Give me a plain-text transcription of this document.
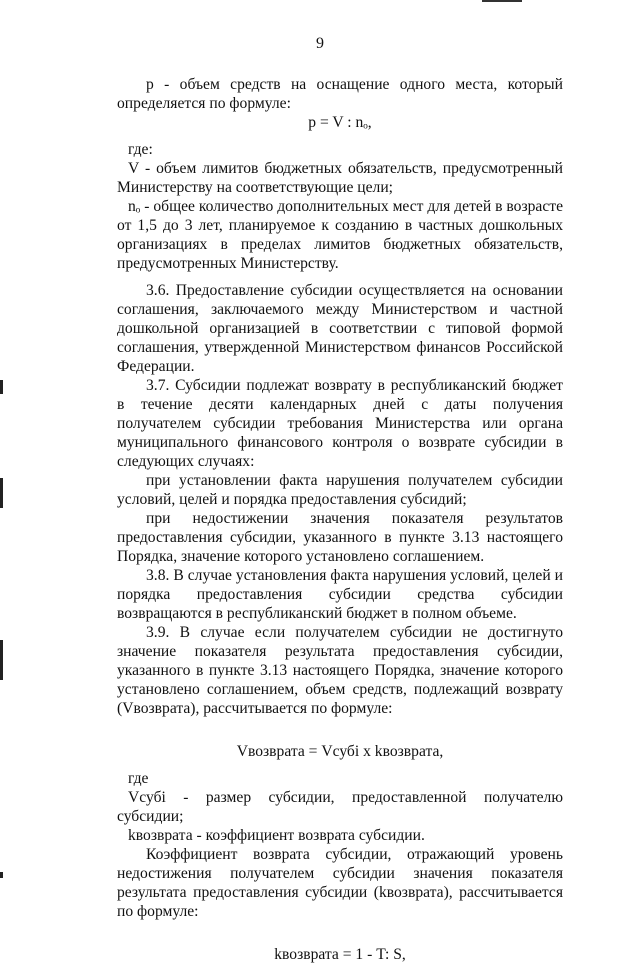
9

р - объем средств на оснащение одного места, который определяется по формуле:

p = V : nₒ,

где:

V - объем лимитов бюджетных обязательств, предусмотренный Министерству на соответствующие цели;

nₒ - общее количество дополнительных мест для детей в возрасте от 1,5 до 3 лет, планируемое к созданию в частных дошкольных организациях в пределах лимитов бюджетных обязательств, предусмотренных Министерству.

3.6. Предоставление субсидии осуществляется на основании соглашения, заключаемого между Министерством и частной дошкольной организацией в соответствии с типовой формой соглашения, утвержденной Министерством финансов Российской Федерации.

3.7. Субсидии подлежат возврату в республиканский бюджет в течение десяти календарных дней с даты получения получателем субсидии требования Министерства или органа муниципального финансового контроля о возврате субсидии в следующих случаях:

при установлении факта нарушения получателем субсидии условий, целей и порядка предоставления субсидий;

при недостижении значения показателя результатов предоставления субсидии, указанного в пункте 3.13 настоящего Порядка, значение которого установлено соглашением.

3.8. В случае установления факта нарушения условий, целей и порядка предоставления субсидии средства субсидии возвращаются в республиканский бюджет в полном объеме.

3.9. В случае если получателем субсидии не достигнуто значение показателя результата предоставления субсидии, указанного в пункте 3.13 настоящего Порядка, значение которого установлено соглашением, объем средств, подлежащий возврату (Vвозврата), рассчитывается по формуле:

Vвозврата = Vсубi x kвозврата,

где

Vсубi - размер субсидии, предоставленной получателю субсидии;

kвозврата - коэффициент возврата субсидии.

Коэффициент возврата субсидии, отражающий уровень недостижения получателем субсидии значения показателя результата предоставления субсидии (kвозврата), рассчитывается по формуле:

kвозврата = 1 - T: S,
